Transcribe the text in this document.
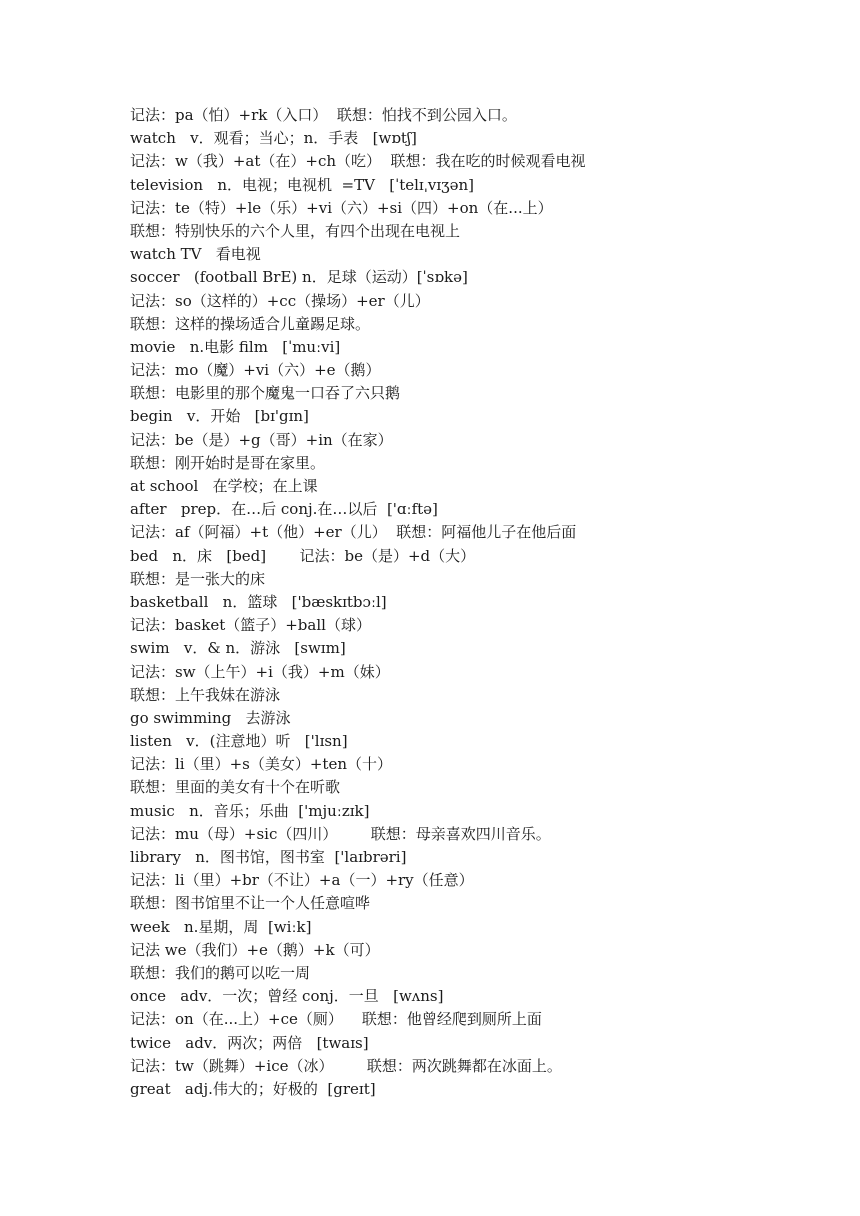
记法：pa（怕）+rk（入口）  联想：怕找不到公园入口。
watch   v．观看；当心；n．手表   [wɒtʃ]
记法：w（我）+at（在）+ch（吃）  联想：我在吃的时候观看电视
television   n．电视；电视机  =TV   [ˈtelɪˌvɪʒən]
记法：te（特）+le（乐）+vi（六）+si（四）+on（在...上）
联想：特别快乐的六个人里，有四个出现在电视上
watch TV   看电视
soccer   (football BrE) n．足球（运动）[ˈsɒkə]
记法：so（这样的）+cc（操场）+er（儿）
联想：这样的操场适合儿童踢足球。
movie   n.电影 film   [ˈmuːvi]
记法：mo（魔）+vi（六）+e（鹅）
联想：电影里的那个魔鬼一口吞了六只鹅
begin   v．开始   [bɪ'gɪn]
记法：be（是）+g（哥）+in（在家）
联想：刚开始时是哥在家里。
at school   在学校；在上课
after   prep．在…后 conj.在…以后  ['ɑːftə]
记法：af（阿福）+t（他）+er（儿）  联想：阿福他儿子在他后面
bed   n．床   [bed]       记法：be（是）+d（大）
联想：是一张大的床
basketball   n．篮球   ['bæskɪtbɔːl]
记法：basket（篮子）+ball（球）
swim   v．& n．游泳   [swɪm]
记法：sw（上午）+i（我）+m（妹）
联想：上午我妹在游泳
go swimming   去游泳
listen   v．(注意地）听   ['lɪsn]
记法：li（里）+s（美女）+ten（十）
联想：里面的美女有十个在听歌
music   n．音乐；乐曲  ['mjuːzɪk]
记法：mu（母）+sic（四川）       联想：母亲喜欢四川音乐。
library   n．图书馆，图书室  ['laɪbrəri]
记法：li（里）+br（不让）+a（一）+ry（任意）
联想：图书馆里不让一个人任意喧哗
week   n.星期，周  [wiːk]
记法 we（我们）+e（鹅）+k（可）
联想：我们的鹅可以吃一周
once   adv．一次；曾经 conj．一旦   [wʌns]
记法：on（在...上）+ce（厕）    联想：他曾经爬到厕所上面
twice   adv．两次；两倍   [twaɪs]
记法：tw（跳舞）+ice（冰）       联想：两次跳舞都在冰面上。
great   adj.伟大的；好极的  [greɪt]
